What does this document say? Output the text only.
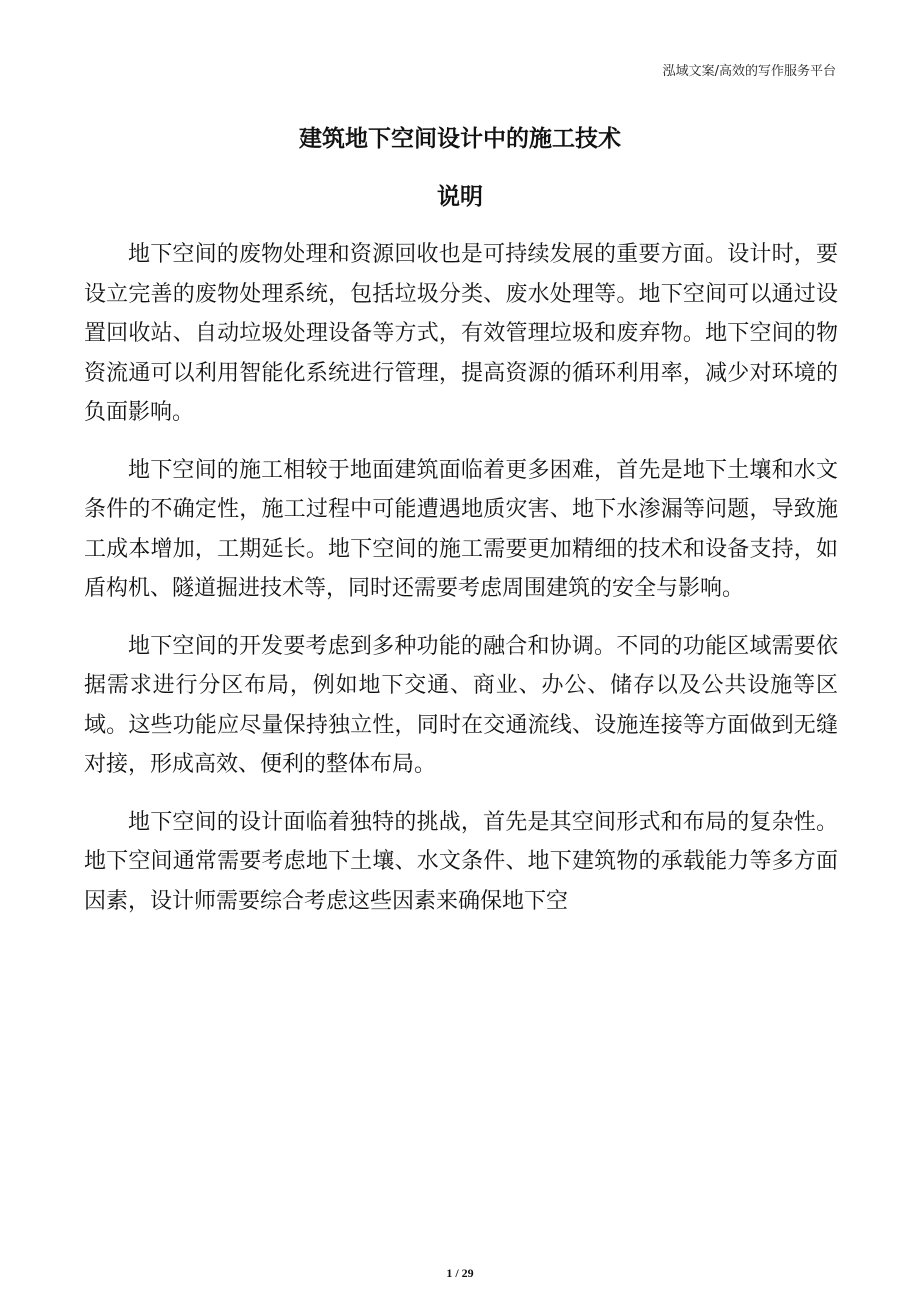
泓域文案/高效的写作服务平台
建筑地下空间设计中的施工技术
说明

地下空间的废物处理和资源回收也是可持续发展的重要方面。设计时，要设立完善的废物处理系统，包括垃圾分类、废水处理等。地下空间可以通过设置回收站、自动垃圾处理设备等方式，有效管理垃圾和废弃物。地下空间的物资流通可以利用智能化系统进行管理，提高资源的循环利用率，减少对环境的负面影响。

地下空间的施工相较于地面建筑面临着更多困难，首先是地下土壤和水文条件的不确定性，施工过程中可能遭遇地质灾害、地下水渗漏等问题，导致施工成本增加，工期延长。地下空间的施工需要更加精细的技术和设备支持，如盾构机、隧道掘进技术等，同时还需要考虑周围建筑的安全与影响。

地下空间的开发要考虑到多种功能的融合和协调。不同的功能区域需要依据需求进行分区布局，例如地下交通、商业、办公、储存以及公共设施等区域。这些功能应尽量保持独立性，同时在交通流线、设施连接等方面做到无缝对接，形成高效、便利的整体布局。

地下空间的设计面临着独特的挑战，首先是其空间形式和布局的复杂性。地下空间通常需要考虑地下土壤、水文条件、地下建筑物的承载能力等多方面因素，设计师需要综合考虑这些因素来确保地下空

1 / 29
